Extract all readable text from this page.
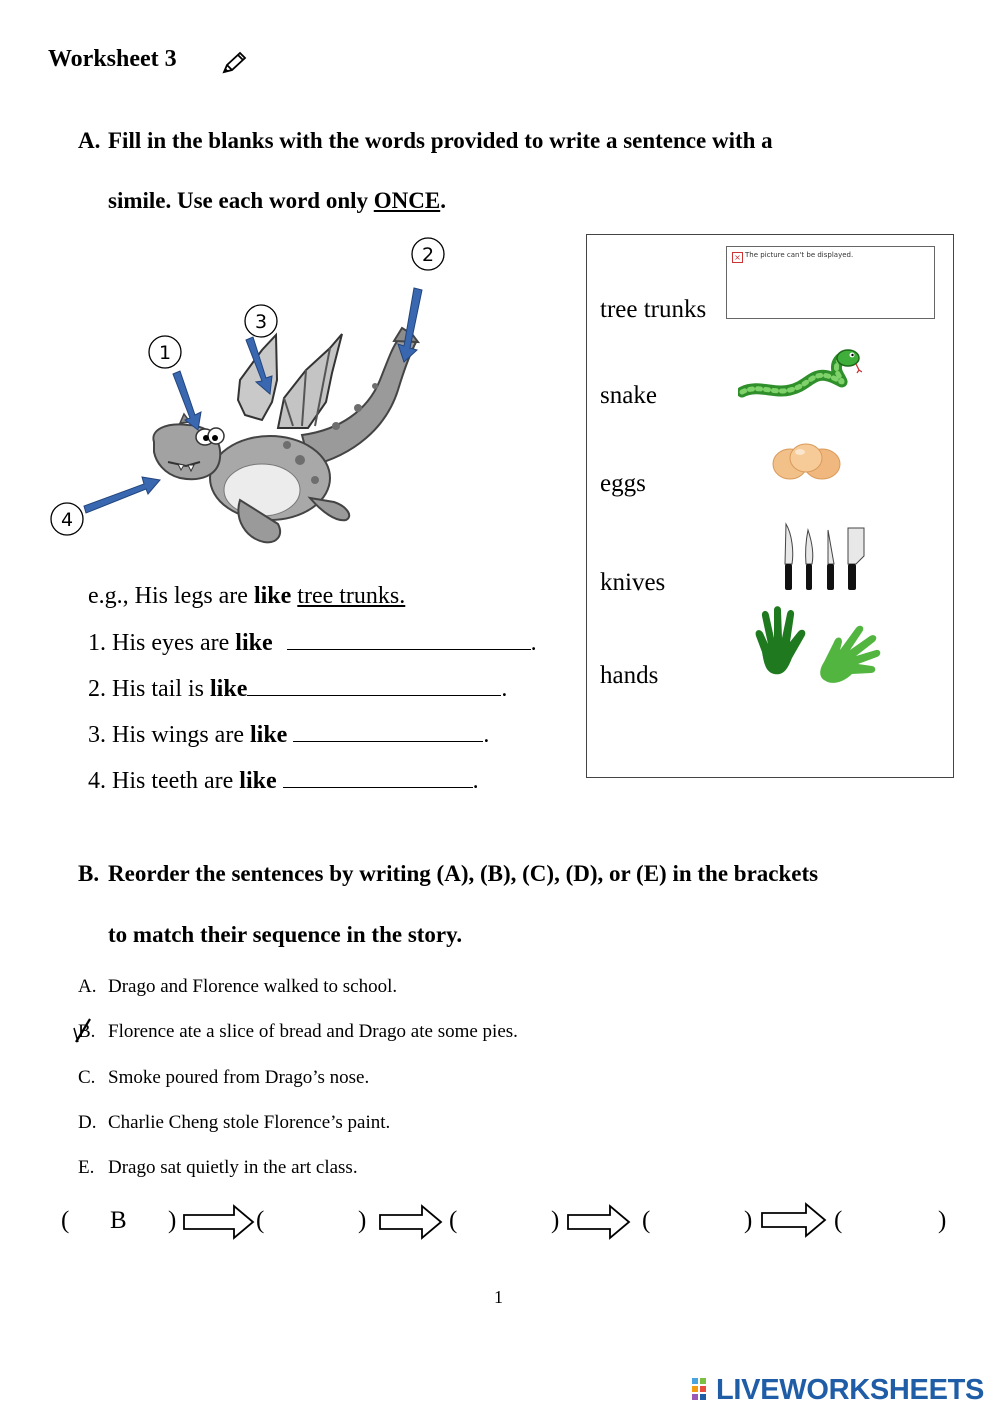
Worksheet 3
A. Fill in the blanks with the words provided to write a sentence with a
simile. Use each word only ONCE.
1
2
3
4
e.g., His legs are like tree trunks.
1. His eyes are like	.
2. His tail is like	.
3. His wings are like	.
4. His teeth are like	.
tree trunks
snake
eggs
knives
hands
× The picture can't be displayed.
B. Reorder the sentences by writing (A), (B), (C), (D), or (E) in the brackets
to match their sequence in the story.
A. Drago and Florence walked to school.
B. Florence ate a slice of bread and Drago ate some pies.
C. Smoke poured from Drago’s nose.
D. Charlie Cheng stole Florence’s paint.
E. Drago sat quietly in the art class.
( B )	(	)	(	)	(	)	(	)
1
LIVEWORKSHEETS
